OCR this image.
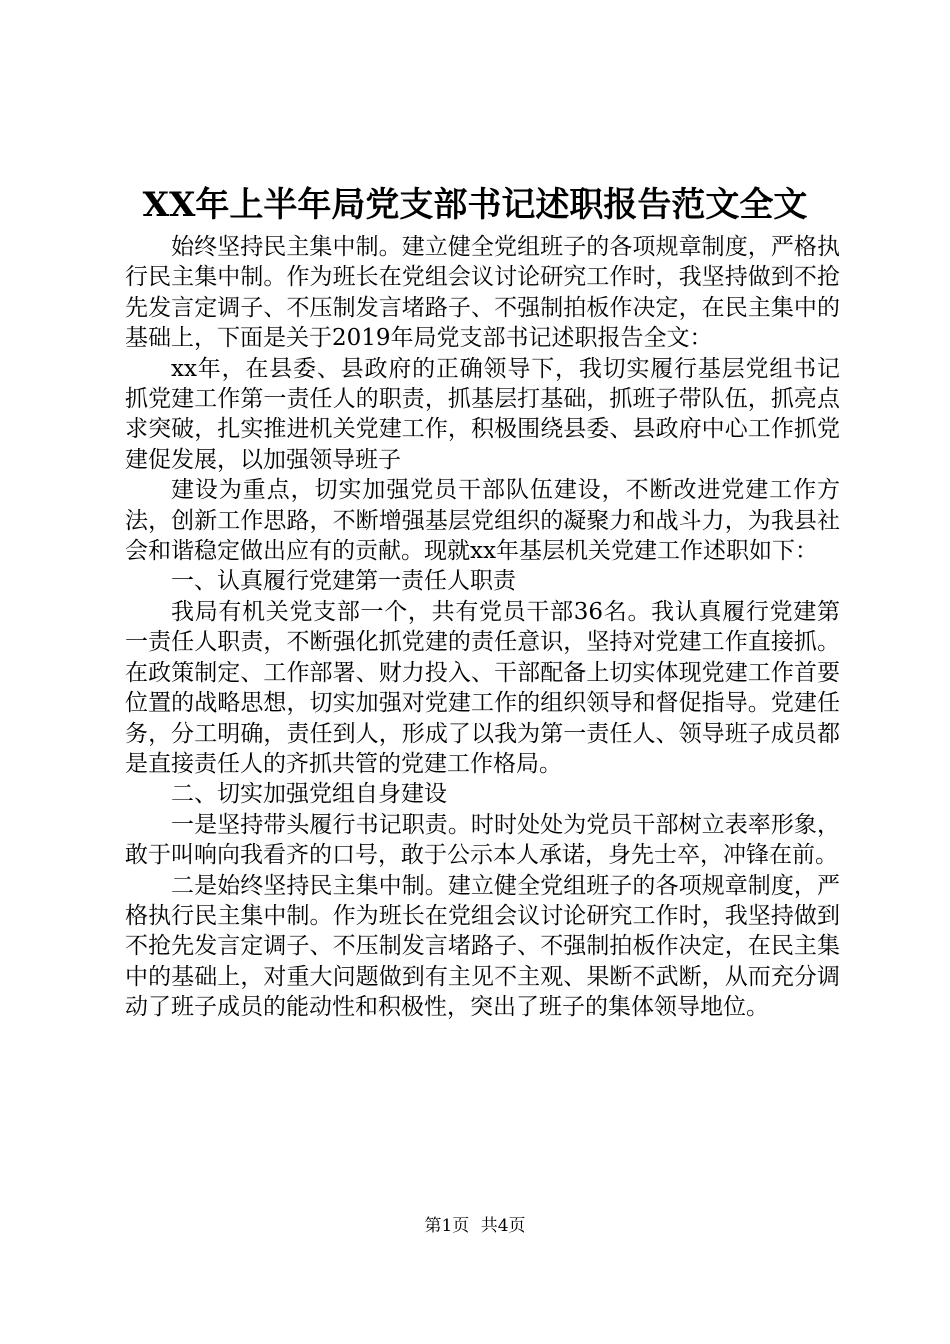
XX年上半年局党支部书记述职报告范文全文

始终坚持民主集中制。建立健全党组班子的各项规章制度，严格执行民主集中制。作为班长在党组会议讨论研究工作时，我坚持做到不抢先发言定调子、不压制发言堵路子、不强制拍板作决定，在民主集中的基础上，下面是关于2019年局党支部书记述职报告全文：

xx年，在县委、县政府的正确领导下，我切实履行基层党组书记抓党建工作第一责任人的职责，抓基层打基础，抓班子带队伍，抓亮点求突破，扎实推进机关党建工作，积极围绕县委、县政府中心工作抓党建促发展，以加强领导班子

建设为重点，切实加强党员干部队伍建设，不断改进党建工作方法，创新工作思路，不断增强基层党组织的凝聚力和战斗力，为我县社会和谐稳定做出应有的贡献。现就xx年基层机关党建工作述职如下：

一、认真履行党建第一责任人职责

我局有机关党支部一个，共有党员干部36名。我认真履行党建第一责任人职责，不断强化抓党建的责任意识，坚持对党建工作直接抓。在政策制定、工作部署、财力投入、干部配备上切实体现党建工作首要位置的战略思想，切实加强对党建工作的组织领导和督促指导。党建任务，分工明确，责任到人，形成了以我为第一责任人、领导班子成员都是直接责任人的齐抓共管的党建工作格局。

二、切实加强党组自身建设

一是坚持带头履行书记职责。时时处处为党员干部树立表率形象，敢于叫响向我看齐的口号，敢于公示本人承诺，身先士卒，冲锋在前。

二是始终坚持民主集中制。建立健全党组班子的各项规章制度，严格执行民主集中制。作为班长在党组会议讨论研究工作时，我坚持做到不抢先发言定调子、不压制发言堵路子、不强制拍板作决定，在民主集中的基础上，对重大问题做到有主见不主观、果断不武断，从而充分调动了班子成员的能动性和积极性，突出了班子的集体领导地位。

第1页 共4页
